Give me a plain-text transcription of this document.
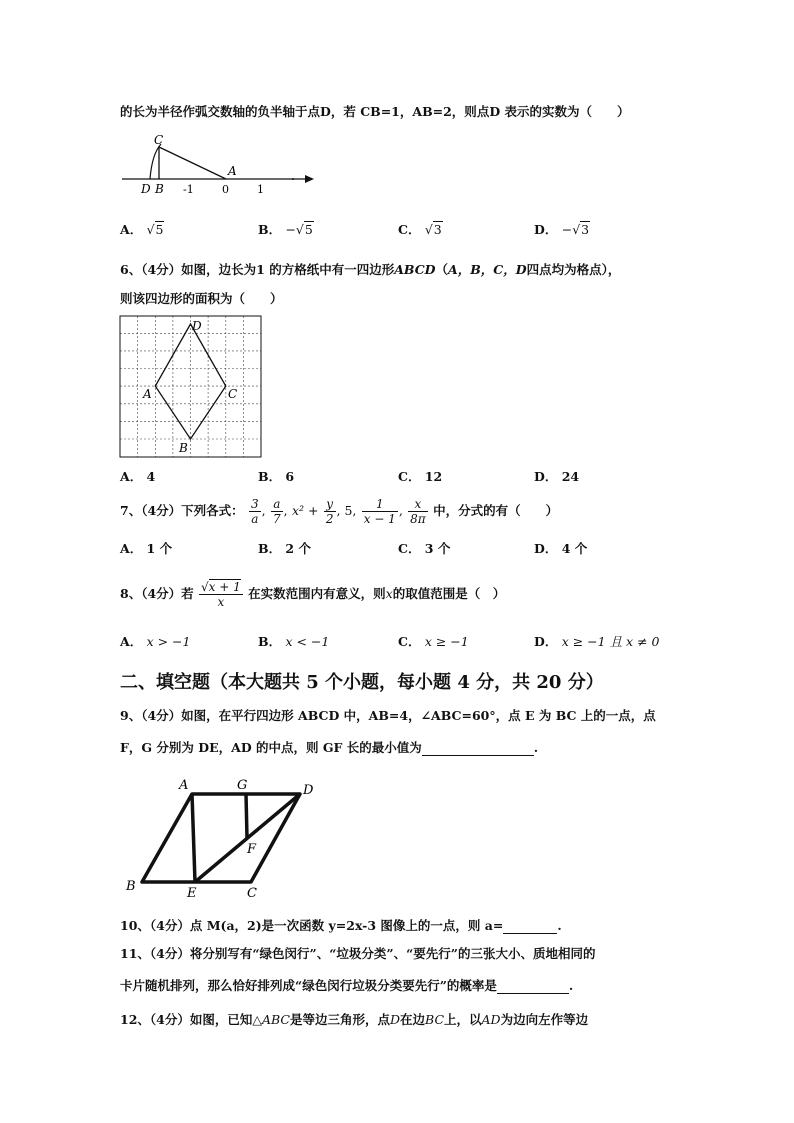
的长为半径作弧交数轴的负半轴于点D，若 CB=1，AB=2，则点D 表示的实数为（　　）
C
A
D B -1	0	1
A． √5	B． −√5	C． √3	D． −√3
6、（4分）如图，边长为1 的方格纸中有一四边形ABCD（A，B，C，D四点均为格点），
则该四边形的面积为（　　）
D
A	C
B
A． 4	B． 6	C． 12	D． 24
7、（4分）下列各式： $\frac{3}{a}$ , $\frac{a}{7}$ , $x^2 + \frac{y}{2}$ , 5, $\frac{1}{x - 1}$ , $\frac{x}{8\pi}$ 中，分式的有（　　）
A． 1 个	B． 2 个	C． 3 个	D． 4 个
8、（4分）若 $\frac{√x + 1}{x}$ 在实数范围内有意义，则x的取值范围是（　）
A． x > −1	B． x < −1	C． x ≥ −1	D． x ≥ −1 且 x ≠ 0
二、填空题（本大题共 5 个小题，每小题 4 分，共 20 分）
9、（4分）如图，在平行四边形 ABCD 中，AB=4，∠ABC=60°，点 E 为 BC 上的一点，点
F，G 分别为 DE，AD 的中点，则 GF 长的最小值为	.
A	G	D
F
B	E	C
10、（4分）点 M(a，2)是一次函数 y=2x-3 图像上的一点，则 a=	.
11、（4分）将分别写有“绿色闵行”、“垃圾分类”、“要先行”的三张大小、质地相同的
卡片随机排列，那么恰好排列成“绿色闵行垃圾分类要先行”的概率是	.
12、（4分）如图，已知△ABC是等边三角形，点D在边BC上，以AD为边向左作等边
